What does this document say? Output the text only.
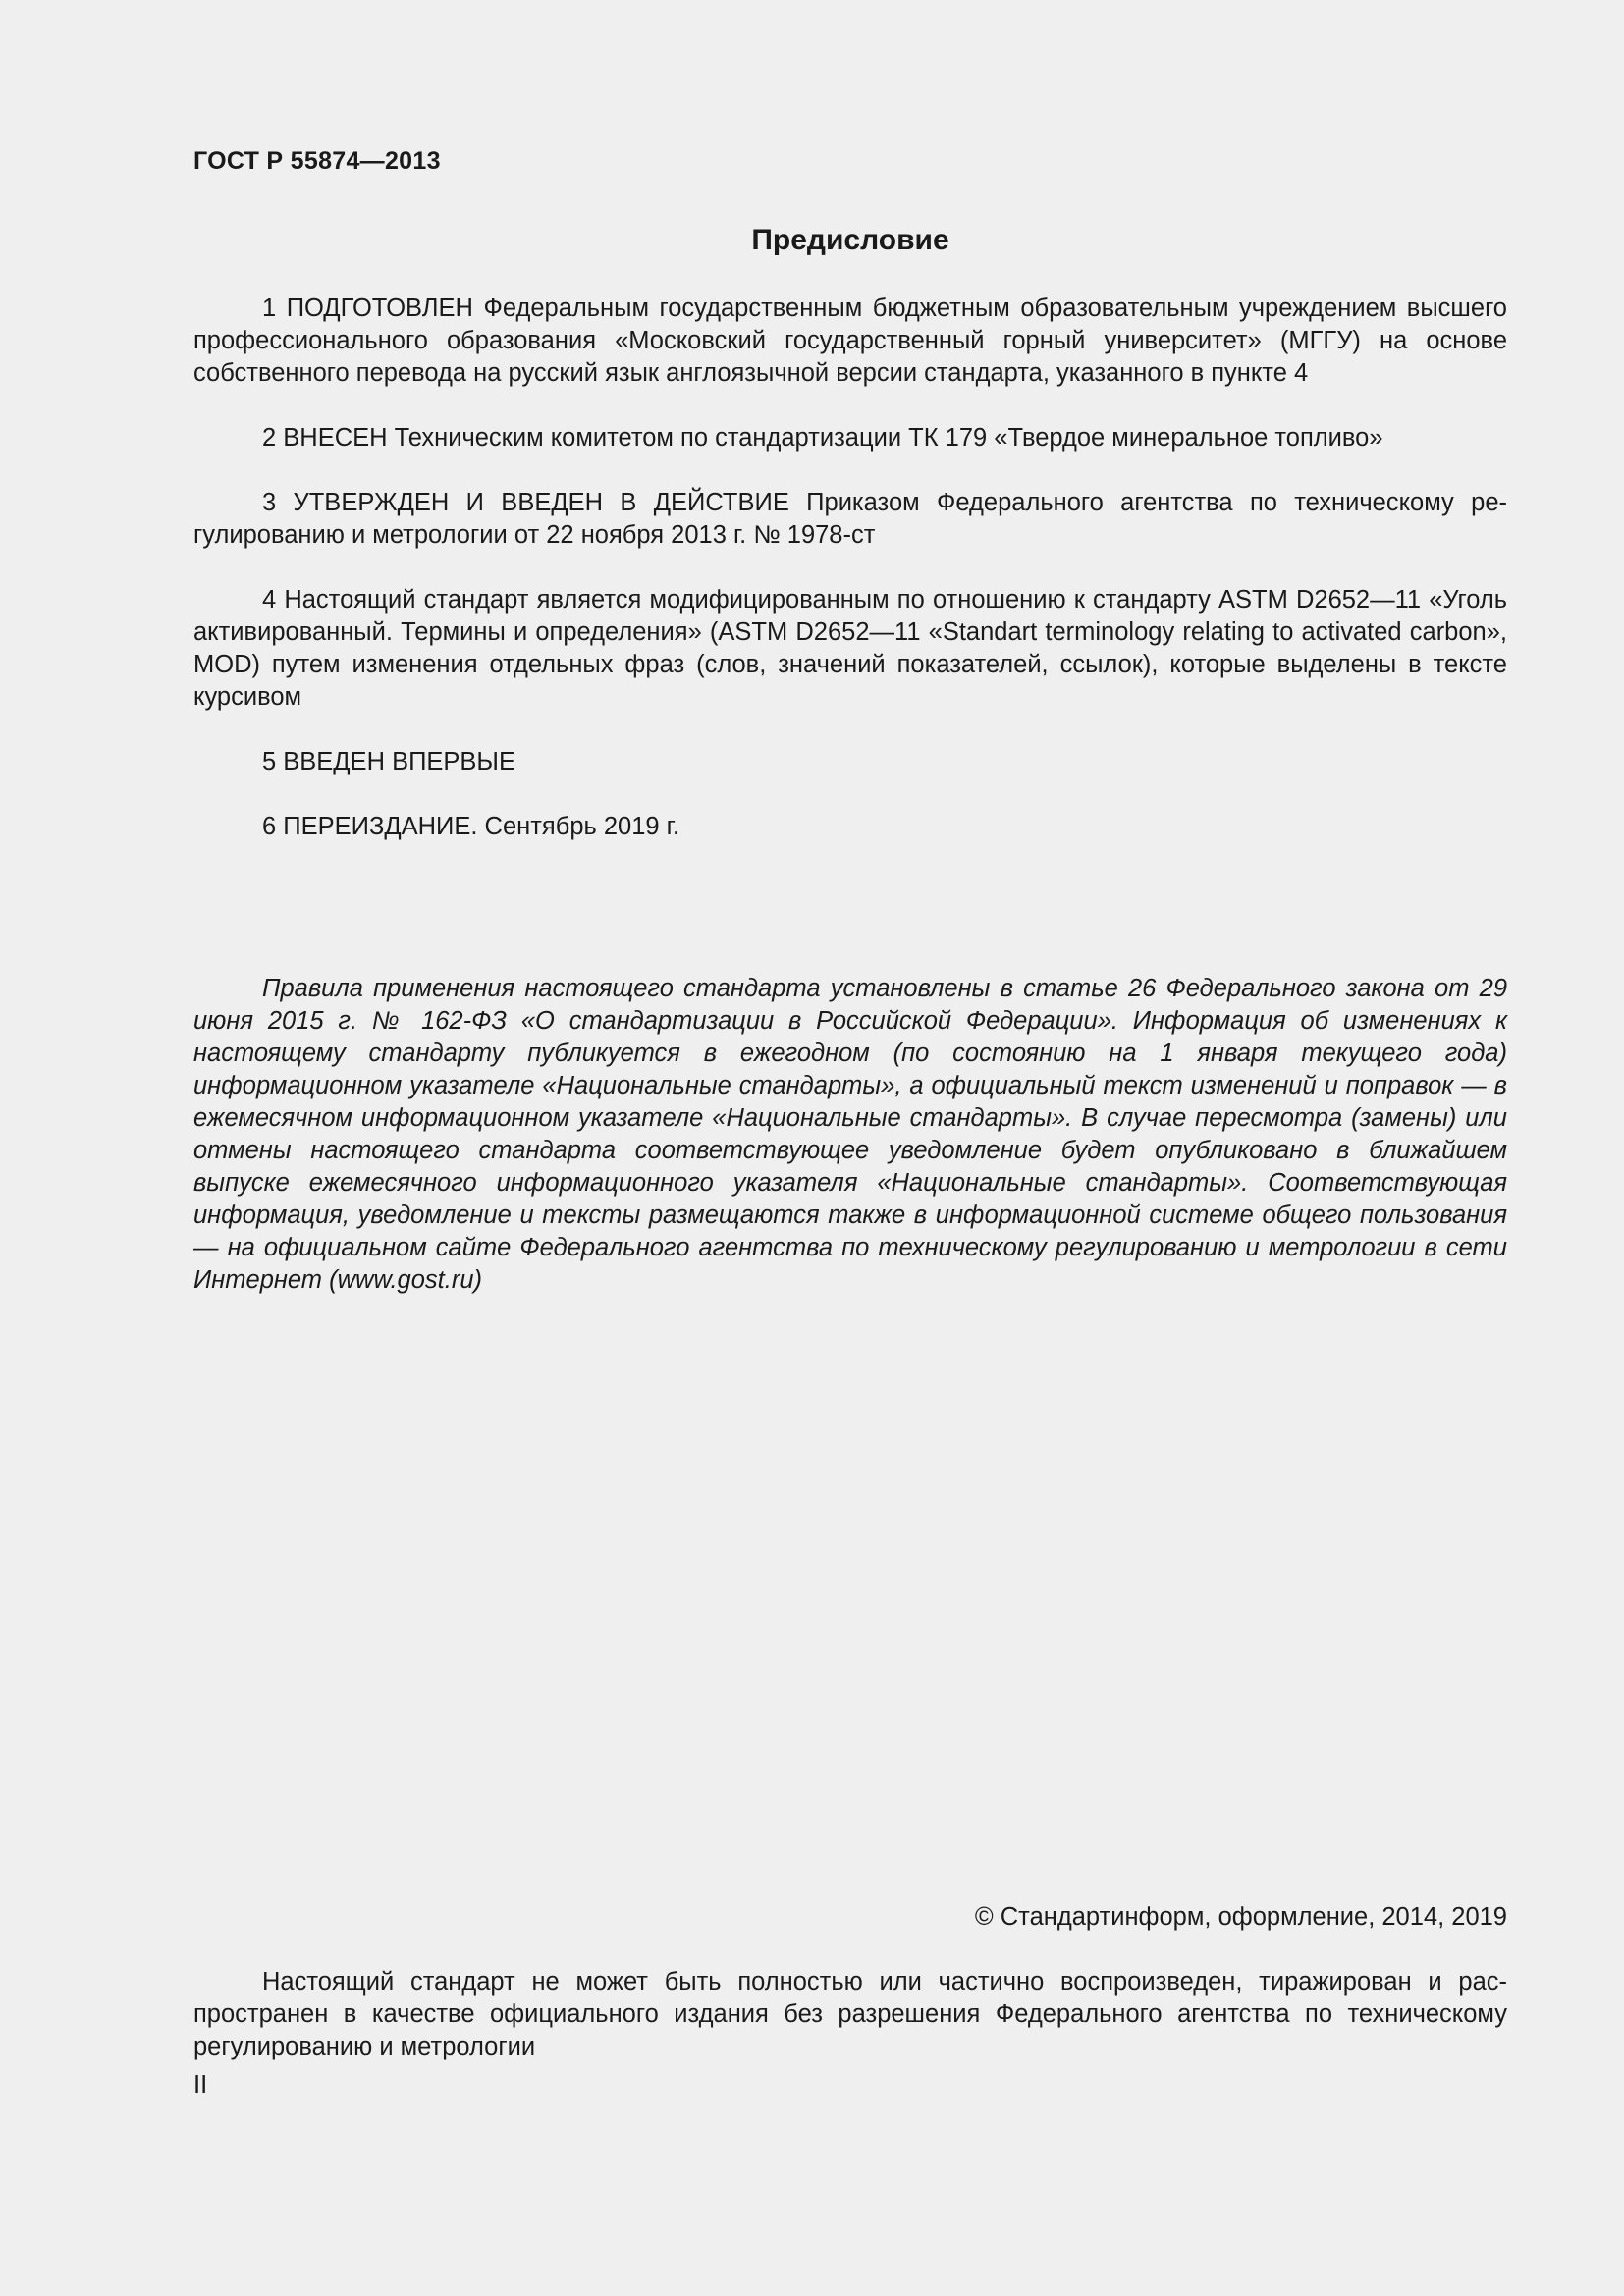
ГОСТ Р 55874—2013
Предисловие

1 ПОДГОТОВЛЕН Федеральным государственным бюджетным образовательным учреждением высшего профессионального образования «Московский государственный горный университет» (МГГУ) на основе собственного перевода на русский язык англоязычной версии стандарта, указанного в пункте 4

2 ВНЕСЕН Техническим комитетом по стандартизации ТК 179 «Твердое минеральное топливо»

3 УТВЕРЖДЕН И ВВЕДЕН В ДЕЙСТВИЕ Приказом Федерального агентства по техническому регулированию и метрологии от 22 ноября 2013 г. № 1978-ст

4 Настоящий стандарт является модифицированным по отношению к стандарту ASTM D2652—11 «Уголь активированный. Термины и определения» (ASTM D2652—11 «Standart terminology relating to activated carbon», MOD) путем изменения отдельных фраз (слов, значений показателей, ссылок), которые выделены в тексте курсивом

5 ВВЕДЕН ВПЕРВЫЕ

6 ПЕРЕИЗДАНИЕ. Сентябрь 2019 г.

Правила применения настоящего стандарта установлены в статье 26 Федерального закона от 29 июня 2015 г. № 162-ФЗ «О стандартизации в Российской Федерации». Информация об изменениях к настоящему стандарту публикуется в ежегодном (по состоянию на 1 января текущего года) информационном указателе «Национальные стандарты», а официальный текст изменений и поправок — в ежемесячном информационном указателе «Национальные стандарты». В случае пересмотра (замены) или отмены настоящего стандарта соответствующее уведомление будет опубликовано в ближайшем выпуске ежемесячного информационного указателя «Национальные стандарты». Соответствующая информация, уведомление и тексты размещаются также в информационной системе общего пользования — на официальном сайте Федерального агентства по техническому регулированию и метрологии в сети Интернет (www.gost.ru)

© Стандартинформ, оформление, 2014, 2019

Настоящий стандарт не может быть полностью или частично воспроизведен, тиражирован и распространен в качестве официального издания без разрешения Федерального агентства по техническому регулированию и метрологии

II
